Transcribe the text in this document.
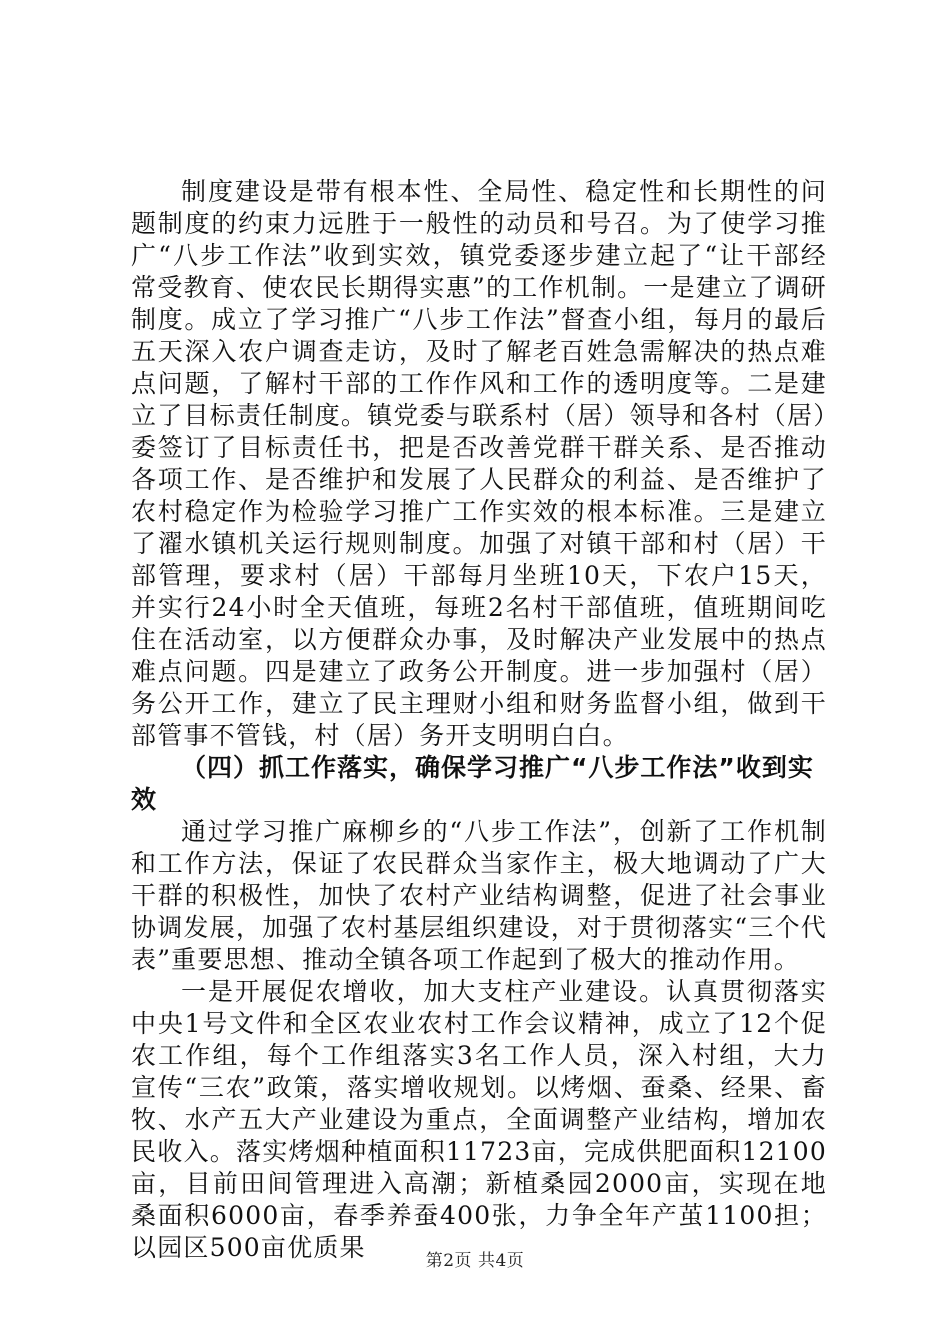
制度建设是带有根本性、全局性、稳定性和长期性的问题制度的约束力远胜于一般性的动员和号召。为了使学习推广“八步工作法”收到实效，镇党委逐步建立起了“让干部经常受教育、使农民长期得实惠”的工作机制。一是建立了调研制度。成立了学习推广“八步工作法”督查小组，每月的最后五天深入农户调查走访，及时了解老百姓急需解决的热点难点问题，了解村干部的工作作风和工作的透明度等。二是建立了目标责任制度。镇党委与联系村（居）领导和各村（居）委签订了目标责任书，把是否改善党群干群关系、是否推动各项工作、是否维护和发展了人民群众的利益、是否维护了农村稳定作为检验学习推广工作实效的根本标准。三是建立了濯水镇机关运行规则制度。加强了对镇干部和村（居）干部管理，要求村（居）干部每月坐班10天，下农户15天，并实行24小时全天值班，每班2名村干部值班，值班期间吃住在活动室，以方便群众办事，及时解决产业发展中的热点难点问题。四是建立了政务公开制度。进一步加强村（居）务公开工作，建立了民主理财小组和财务监督小组，做到干部管事不管钱，村（居）务开支明明白白。

（四）抓工作落实，确保学习推广“八步工作法”收到实效

通过学习推广麻柳乡的“八步工作法”，创新了工作机制和工作方法，保证了农民群众当家作主，极大地调动了广大干群的积极性，加快了农村产业结构调整，促进了社会事业协调发展，加强了农村基层组织建设，对于贯彻落实“三个代表”重要思想、推动全镇各项工作起到了极大的推动作用。

一是开展促农增收，加大支柱产业建设。认真贯彻落实中央1号文件和全区农业农村工作会议精神，成立了12个促农工作组，每个工作组落实3名工作人员，深入村组，大力宣传“三农”政策，落实增收规划。以烤烟、蚕桑、经果、畜牧、水产五大产业建设为重点，全面调整产业结构，增加农民收入。落实烤烟种植面积11723亩，完成供肥面积12100亩，目前田间管理进入高潮；新植桑园2000亩，实现在地桑面积6000亩，春季养蚕400张，力争全年产茧1100担；以园区500亩优质果	第2页 共4页
